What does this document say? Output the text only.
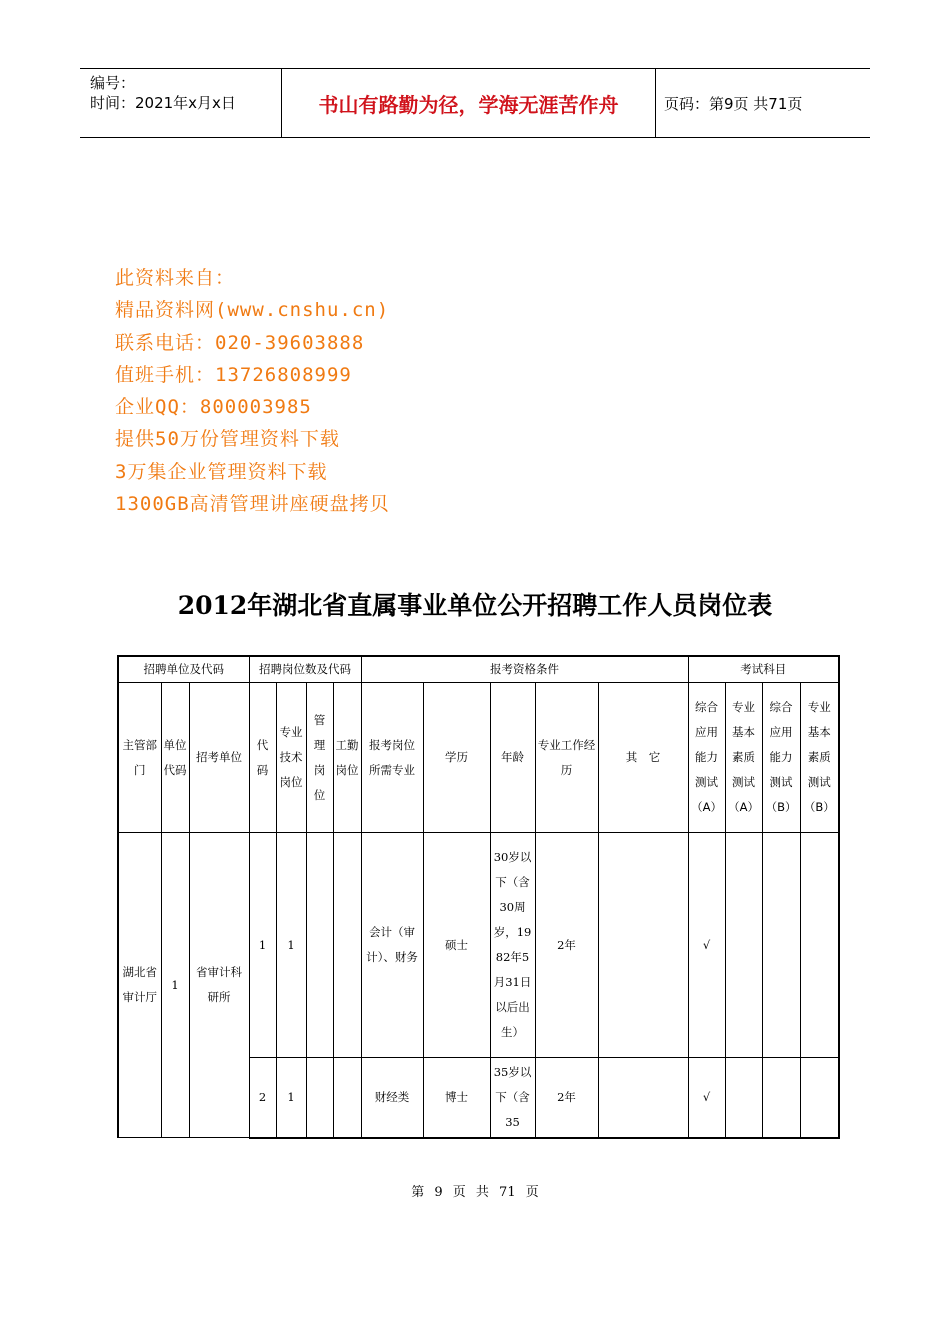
编号：
时间：2021年x月x日	书山有路勤为径，学海无涯苦作舟	页码：第9页 共71页
此资料来自：
精品资料网(www.cnshu.cn)
联系电话：020-39603888
值班手机：13726808999
企业QQ：800003985
提供50万份管理资料下载
3万集企业管理资料下载
1300GB高清管理讲座硬盘拷贝
2012年湖北省直属事业单位公开招聘工作人员岗位表
招聘单位及代码			招聘岗位数及代码				报考资格条件					考试科目			
主管部门	单位代码	招考单位	代码	专业技术岗位	管理岗位	工勤岗位	报考岗位所需专业	学历	年龄	专业工作经历	其　它	综合应用能力测试（A）	专业基本素质测试（A）	综合应用能力测试（B）	专业基本素质测试（B）
湖北省审计厅	1	省审计科研所	1	1			会计（审计）、财务	硕士	30岁以下（含30周岁，1982年5月31日以后出生）	2年		√			
			2	1			财经类	博士	35岁以下（含35	2年		√			
第 9 页 共 71 页
